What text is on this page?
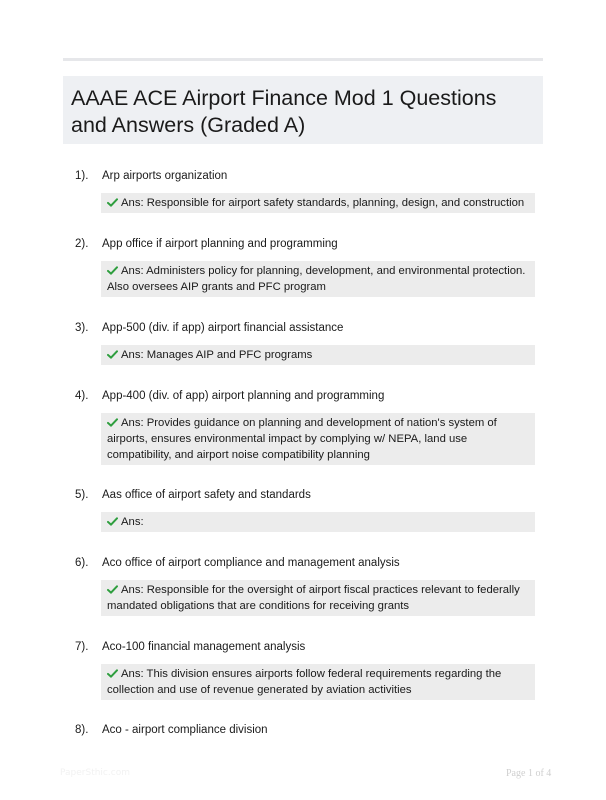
AAAE ACE Airport Finance Mod 1 Questions and Answers (Graded A)
1). Arp airports organization
Ans: Responsible for airport safety standards, planning, design, and construction
2). App office if airport planning and programming
Ans: Administers policy for planning, development, and environmental protection. Also oversees AIP grants and PFC program
3). App-500 (div. if app) airport financial assistance
Ans: Manages AIP and PFC programs
4). App-400 (div. of app) airport planning and programming
Ans: Provides guidance on planning and development of nation's system of airports, ensures environmental impact by complying w/ NEPA, land use compatibility, and airport noise compatibility planning
5). Aas office of airport safety and standards
Ans:
6). Aco office of airport compliance and management analysis
Ans: Responsible for the oversight of airport fiscal practices relevant to federally mandated obligations that are conditions for receiving grants
7). Aco-100 financial management analysis
Ans: This division ensures airports follow federal requirements regarding the collection and use of revenue generated by aviation activities
8). Aco - airport compliance division
PaperSthic.com	Page 1 of 4
